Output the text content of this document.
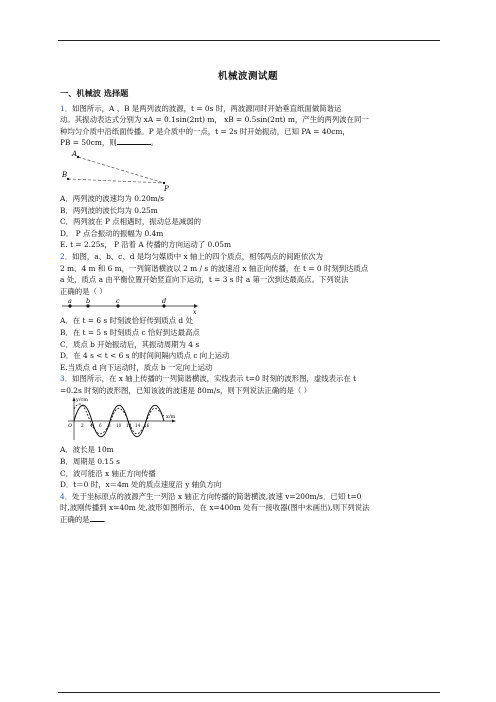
机械波测试题
一、机械波 选择题

1．如图所示，A 、B 是两列波的波源，t = 0s 时，两波源同时开始垂直纸面做简谐运

动。其振动表达式分别为 xA = 0.1sin(2πt) m， xB = 0.5sin(2πt) m，产生的两列波在同一

种均匀介质中沿纸面传播。P 是介质中的一点，t = 2s 时开始振动，已知 PA = 40cm，

PB = 50cm，则	。

A
B
P

A．两列波的波速均为 0.20m/s

B．两列波的波长均为 0.25m

C．两列波在 P 点相遇时，振动总是减弱的

D． P 点合振动的振幅为 0.4m

E. t = 2.25s， P 沿着 A 传播的方向运动了 0.05m

2．如图，a、b、c、d 是均匀媒质中 x 轴上的四个质点，相邻两点的间距依次为

2 m、4 m 和 6 m，一列简谐横波以 2 m / s 的波速沿 x 轴正向传播，在 t = 0 时刻到达质点

a 处，质点 a 由平衡位置开始竖直向下运动，t = 3 s 时 a 第一次到达最高点。下列说法

正确的是（ ）

a b	c	d
x

A．在 t = 6 s 时刻波恰好传到质点 d 处

B．在 t = 5 s 时刻质点 c 恰好到达最高点

C．质点 b 开始振动后，其振动周期为 4 s

D．在 4 s < t < 6 s 的时间间隔内质点 c 向上运动

E.当质点 d 向下运动时，质点 b 一定向上运动

3．如图所示，在 x 轴上传播的一列简谐横波，实线表示 t=0 时刻的波形图，虚线表示在 t

=0.2s 时刻的波形图，已知该波的波速是 80m/s，则下列说法正确的是（ ）

y/cm
x/m
O 2 4 6 8 10 12 14 16

A．波长是 10m

B．周期是 0.15 s

C．波可能沿 x 轴正方向传播

D．t＝0 时，x＝4m 处的质点速度沿 y 轴负方向

4．处于坐标原点的波源产生一列沿 x 轴正方向传播的简谐横波,波速 v=200m/s．已知 t=0

时,波刚传播到 x=40m 处,波形如图所示．在 x=400m 处有一接收器(图中未画出),则下列说法

正确的是 .
